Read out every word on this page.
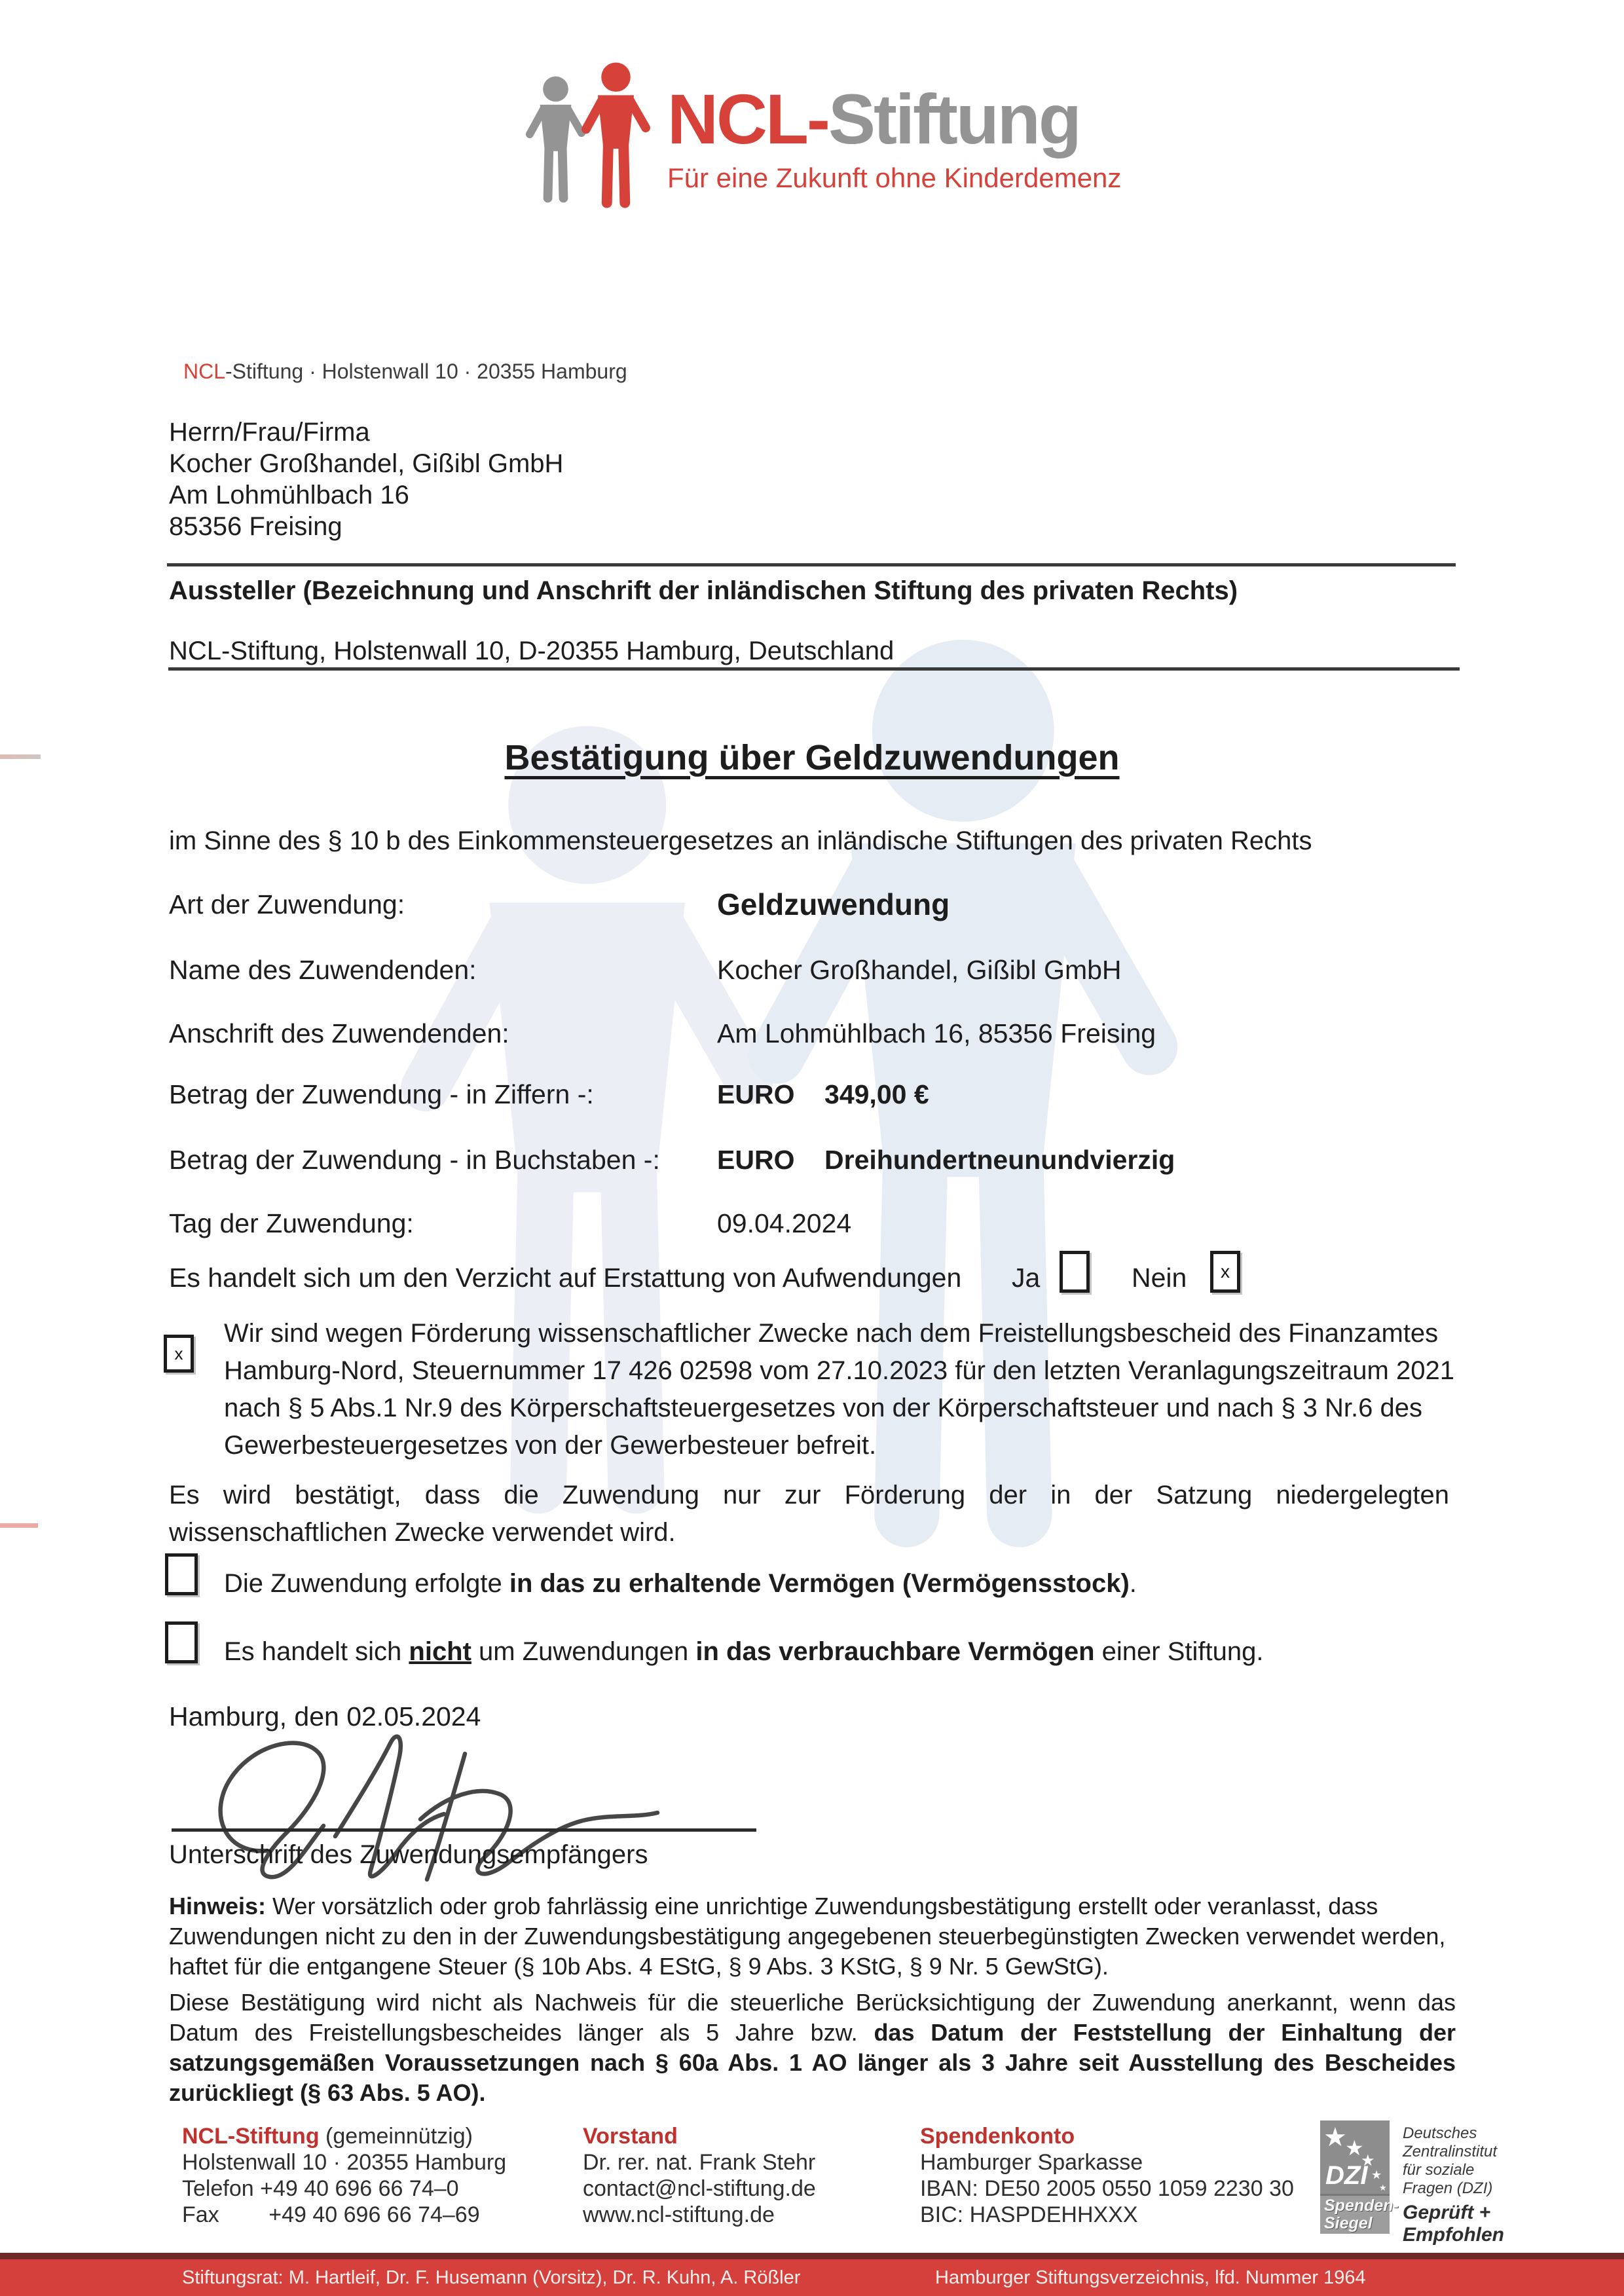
NCL-Stiftung
Für eine Zukunft ohne Kinderdemenz
NCL-Stiftung · Holstenwall 10 · 20355 Hamburg
Herrn/Frau/Firma
Kocher Großhandel, Gißibl GmbH
Am Lohmühlbach 16
85356 Freising
Aussteller (Bezeichnung und Anschrift der inländischen Stiftung des privaten Rechts)
NCL-Stiftung, Holstenwall 10, D-20355 Hamburg, Deutschland
Bestätigung über Geldzuwendungen
im Sinne des § 10 b des Einkommensteuergesetzes an inländische Stiftungen des privaten Rechts
Art der Zuwendung:	Geldzuwendung
Name des Zuwendenden:	Kocher Großhandel, Gißibl GmbH
Anschrift des Zuwendenden:	Am Lohmühlbach 16, 85356 Freising
Betrag der Zuwendung - in Ziffern -:	EURO    349,00 €
Betrag der Zuwendung - in Buchstaben -: EURO    Dreihundertneunundvierzig
Tag der Zuwendung:	09.04.2024
Es handelt sich um den Verzicht auf Erstattung von Aufwendungen Ja	Nein x
x
Wir sind wegen Förderung wissenschaftlicher Zwecke nach dem Freistellungsbescheid des Finanzamtes Hamburg-Nord, Steuernummer 17 426 02598 vom 27.10.2023 für den letzten Veranlagungszeitraum 2021 nach § 5 Abs.1 Nr.9 des Körperschaftsteuergesetzes von der Körperschaftsteuer und nach § 3 Nr.6 des Gewerbesteuergesetzes von der Gewerbesteuer befreit.
Es wird bestätigt, dass die Zuwendung nur zur Förderung der in der Satzung niedergelegten wissenschaftlichen Zwecke verwendet wird.
Die Zuwendung erfolgte in das zu erhaltende Vermögen (Vermögensstock).
Es handelt sich nicht um Zuwendungen in das verbrauchbare Vermögen einer Stiftung.
Hamburg, den 02.05.2024
Unterschrift des Zuwendungsempfängers
Hinweis: Wer vorsätzlich oder grob fahrlässig eine unrichtige Zuwendungsbestätigung erstellt oder veranlasst, dass Zuwendungen nicht zu den in der Zuwendungsbestätigung angegebenen steuerbegünstigten Zwecken verwendet werden, haftet für die entgangene Steuer (§ 10b Abs. 4 EStG, § 9 Abs. 3 KStG, § 9 Nr. 5 GewStG).
Diese Bestätigung wird nicht als Nachweis für die steuerliche Berücksichtigung der Zuwendung anerkannt, wenn das Datum des Freistellungsbescheides länger als 5 Jahre bzw. das Datum der Feststellung der Einhaltung der satzungsgemäßen Voraussetzungen nach § 60a Abs. 1 AO länger als 3 Jahre seit Ausstellung des Bescheides zurückliegt (§ 63 Abs. 5 AO).
NCL-Stiftung (gemeinnützig)
Holstenwall 10 · 20355 Hamburg
Telefon +49 40 696 66 74–0
Fax        +49 40 696 66 74–69
Vorstand
Dr. rer. nat. Frank Stehr
contact@ncl-stiftung.de
www.ncl-stiftung.de
Spendenkonto
Hamburger Sparkasse
IBAN: DE50 2005 0550 1059 2230 30
BIC: HASPDEHHXXX
★
★
★
★
★
DZI
Spenden-
Siegel
Deutsches
Zentralinstitut
für soziale
Fragen (DZI)
Geprüft +
Empfohlen
Stiftungsrat: M. Hartleif, Dr. F. Husemann (Vorsitz), Dr. R. Kuhn, A. Rößler	Hamburger Stiftungsverzeichnis, lfd. Nummer 1964
